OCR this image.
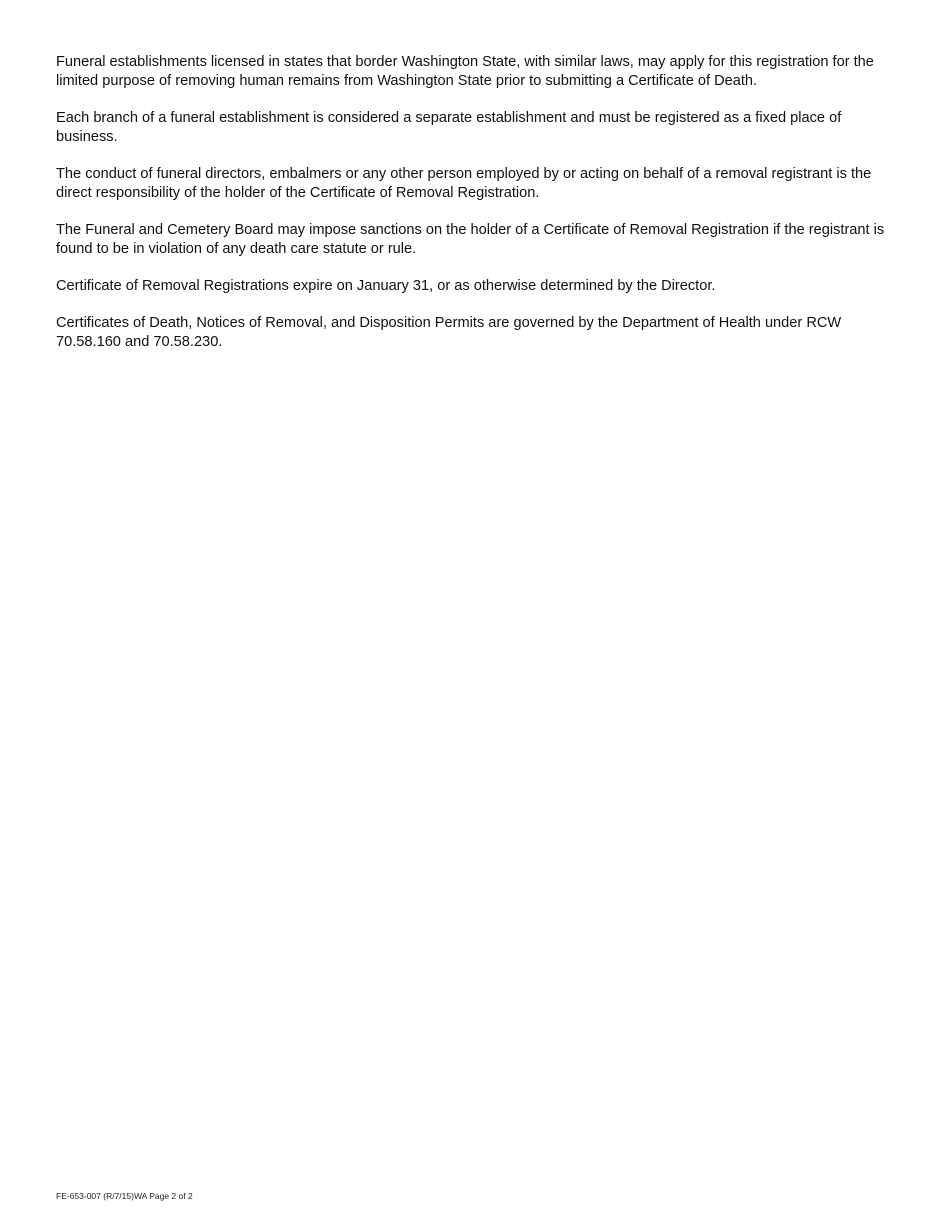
Funeral establishments licensed in states that border Washington State, with similar laws, may apply for this registration for the limited purpose of removing human remains from Washington State prior to submitting a Certificate of Death.

Each branch of a funeral establishment is considered a separate establishment and must be registered as a fixed place of business.

The conduct of funeral directors, embalmers or any other person employed by or acting on behalf of a removal registrant is the direct responsibility of the holder of the Certificate of Removal Registration.

The Funeral and Cemetery Board may impose sanctions on the holder of a Certificate of Removal Registration if the registrant is found to be in violation of any death care statute or rule.

Certificate of Removal Registrations expire on January 31, or as otherwise determined by the Director.

Certificates of Death, Notices of Removal, and Disposition Permits are governed by the Department of Health under RCW 70.58.160 and 70.58.230.

FE-653-007 (R/7/15)WA Page 2 of 2
